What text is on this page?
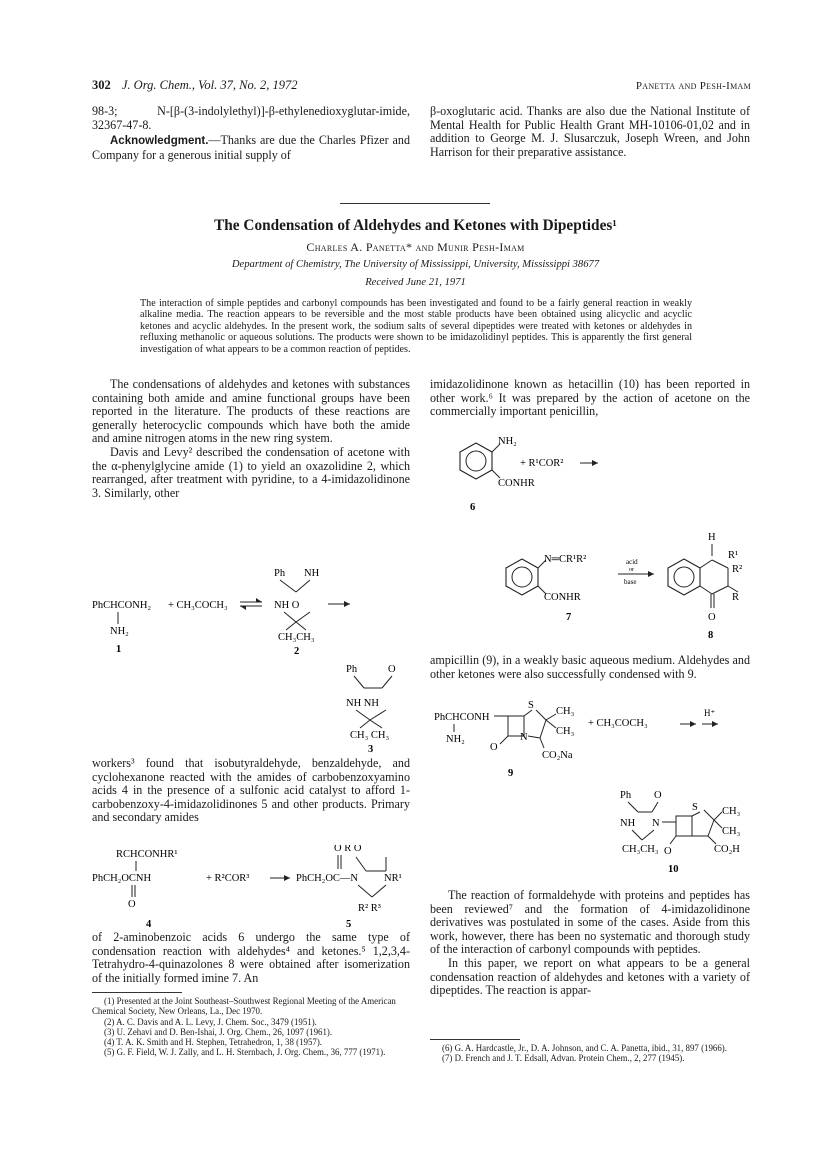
302 J. Org. Chem., Vol. 37, No. 2, 1972	Panetta and Pesh-Imam

98-3; N-[β-(3-indolylethyl)]-β-ethylenedioxyglutar-imide, 32367-47-8.

Acknowledgment.—Thanks are due the Charles Pfizer and Company for a generous initial supply of

β-oxoglutaric acid. Thanks are also due the National Institute of Mental Health for Public Health Grant MH-10106-01,02 and in addition to George M. J. Slusarczuk, Joseph Wreen, and John Harrison for their preparative assistance.

The Condensation of Aldehydes and Ketones with Dipeptides¹
Charles A. Panetta* and Munir Pesh-Imam
Department of Chemistry, The University of Mississippi, University, Mississippi 38677
Received June 21, 1971
The interaction of simple peptides and carbonyl compounds has been investigated and found to be a fairly general reaction in weakly alkaline media. The reaction appears to be reversible and the most stable products have been obtained using alicyclic and acyclic ketones and acyclic aldehydes. In the present work, the sodium salts of several dipeptides were treated with ketones or aldehydes in refluxing methanolic or aqueous solutions. The products were shown to be imidazolidinyl peptides. This is apparently the first general investigation of what appears to be a common reaction of peptides.

The condensations of aldehydes and ketones with substances containing both amide and amine functional groups have been reported in the literature. The products of these reactions are generally heterocyclic compounds which have both the amide and amine nitrogen atoms in the new ring system.

Davis and Levy² described the condensation of acetone with the α-phenylglycine amide (1) to yield an oxazolidine 2, which rearranged, after treatment with pyridine, to a 4-imidazolidinone 3. Similarly, other

PhCHCONH₂
NH₂
1
+ CH₃COCH₃
Ph NH
NH O
CH₃CH₃
2
Ph	O
NH NH
CH₃ CH₃
3

workers³ found that isobutyraldehyde, benzaldehyde, and cyclohexanone reacted with the amides of carbobenzoxyamino acids 4 in the presence of a sulfonic acid catalyst to afford 1-carbobenzoxy-4-imidazolidinones 5 and other products. Primary and secondary amides

RCHCONHR¹
PhCH₂OCNH
O
4
+ R²COR³
O R O
PhCH₂OC—N NR¹
R² R³
5

of 2-aminobenzoic acids 6 undergo the same type of condensation reaction with aldehydes⁴ and ketones.⁵ 1,2,3,4-Tetrahydro-4-quinazolones 8 were obtained after isomerization of the initially formed imine 7. An

(1) Presented at the Joint Southeast–Southwest Regional Meeting of the American Chemical Society, New Orleans, La., Dec 1970.
(2) A. C. Davis and A. L. Levy, J. Chem. Soc., 3479 (1951).
(3) U. Zehavi and D. Ben-Ishai, J. Org. Chem., 26, 1097 (1961).
(4) T. A. K. Smith and H. Stephen, Tetrahedron, 1, 38 (1957).
(5) G. F. Field, W. J. Zally, and L. H. Sternbach, J. Org. Chem., 36, 777 (1971).

imidazolidinone known as hetacillin (10) has been reported in other work.⁶ It was prepared by the action of acetone on the commercially important penicillin,

NH₂
CONHR
+ R¹COR²
6
N═CR¹R²
CONHR
7
acid
or
base
H
R¹
R²
R
O
8

ampicillin (9), in a weakly basic aqueous medium. Aldehydes and other ketones were also successfully condensed with 9.

PhCHCONH
NH₂
O
N
S
CH₃
CH₃
CO₂Na
+ CH₃COCH₃
H⁺
9
Ph O
NH N
CH₃CH₃ O
S CH₃
CH₃
CO₂H
10

The reaction of formaldehyde with proteins and peptides has been reviewed⁷ and the formation of 4-imidazolidinone derivatives was postulated in some of the cases. Aside from this work, however, there has been no systematic and thorough study of the interaction of carbonyl compounds with peptides.

In this paper, we report on what appears to be a general condensation reaction of aldehydes and ketones with a variety of dipeptides. The reaction is appar-

(6) G. A. Hardcastle, Jr., D. A. Johnson, and C. A. Panetta, ibid., 31, 897 (1966).
(7) D. French and J. T. Edsall, Advan. Protein Chem., 2, 277 (1945).
